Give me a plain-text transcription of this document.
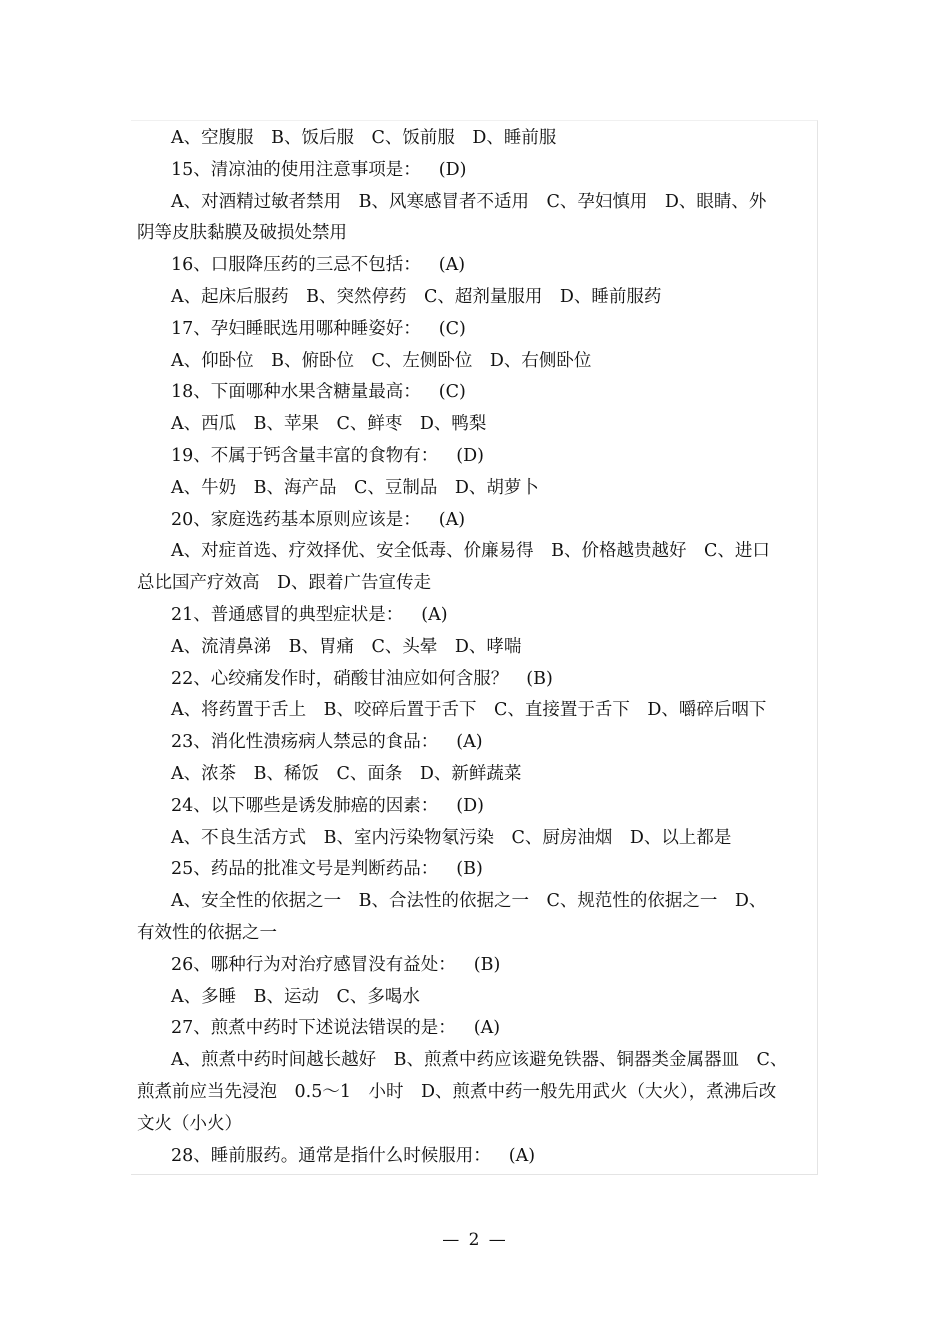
A、空腹服 B、饭后服 C、饭前服 D、睡前服
15、清凉油的使用注意事项是： (D)
A、对酒精过敏者禁用 B、风寒感冒者不适用 C、孕妇慎用 D、眼睛、外
阴等皮肤黏膜及破损处禁用
16、口服降压药的三忌不包括： (A)
A、起床后服药 B、突然停药 C、超剂量服用 D、睡前服药
17、孕妇睡眠选用哪种睡姿好： (C)
A、仰卧位 B、俯卧位 C、左侧卧位 D、右侧卧位
18、下面哪种水果含糖量最高： (C)
A、西瓜 B、苹果 C、鲜枣 D、鸭梨
19、不属于钙含量丰富的食物有： (D)
A、牛奶 B、海产品 C、豆制品 D、胡萝卜
20、家庭选药基本原则应该是： (A)
A、对症首选、疗效择优、安全低毒、价廉易得 B、价格越贵越好 C、进口
总比国产疗效高 D、跟着广告宣传走
21、普通感冒的典型症状是： (A)
A、流清鼻涕 B、胃痛 C、头晕 D、哮喘
22、心绞痛发作时，硝酸甘油应如何含服？ (B)
A、将药置于舌上 B、咬碎后置于舌下 C、直接置于舌下 D、嚼碎后咽下
23、消化性溃疡病人禁忌的食品： (A)
A、浓茶 B、稀饭 C、面条 D、新鲜蔬菜
24、以下哪些是诱发肺癌的因素： (D)
A、不良生活方式 B、室内污染物氡污染 C、厨房油烟 D、以上都是
25、药品的批准文号是判断药品： (B)
A、安全性的依据之一 B、合法性的依据之一 C、规范性的依据之一 D、
有效性的依据之一
26、哪种行为对治疗感冒没有益处： (B)
A、多睡 B、运动 C、多喝水
27、煎煮中药时下述说法错误的是： (A)
A、煎煮中药时间越长越好 B、煎煮中药应该避免铁器、铜器类金属器皿 C、
煎煮前应当先浸泡 0.5～1 小时 D、煎煮中药一般先用武火（大火），煮沸后改
文火（小火）
28、睡前服药。通常是指什么时候服用： (A)
— 2 —
